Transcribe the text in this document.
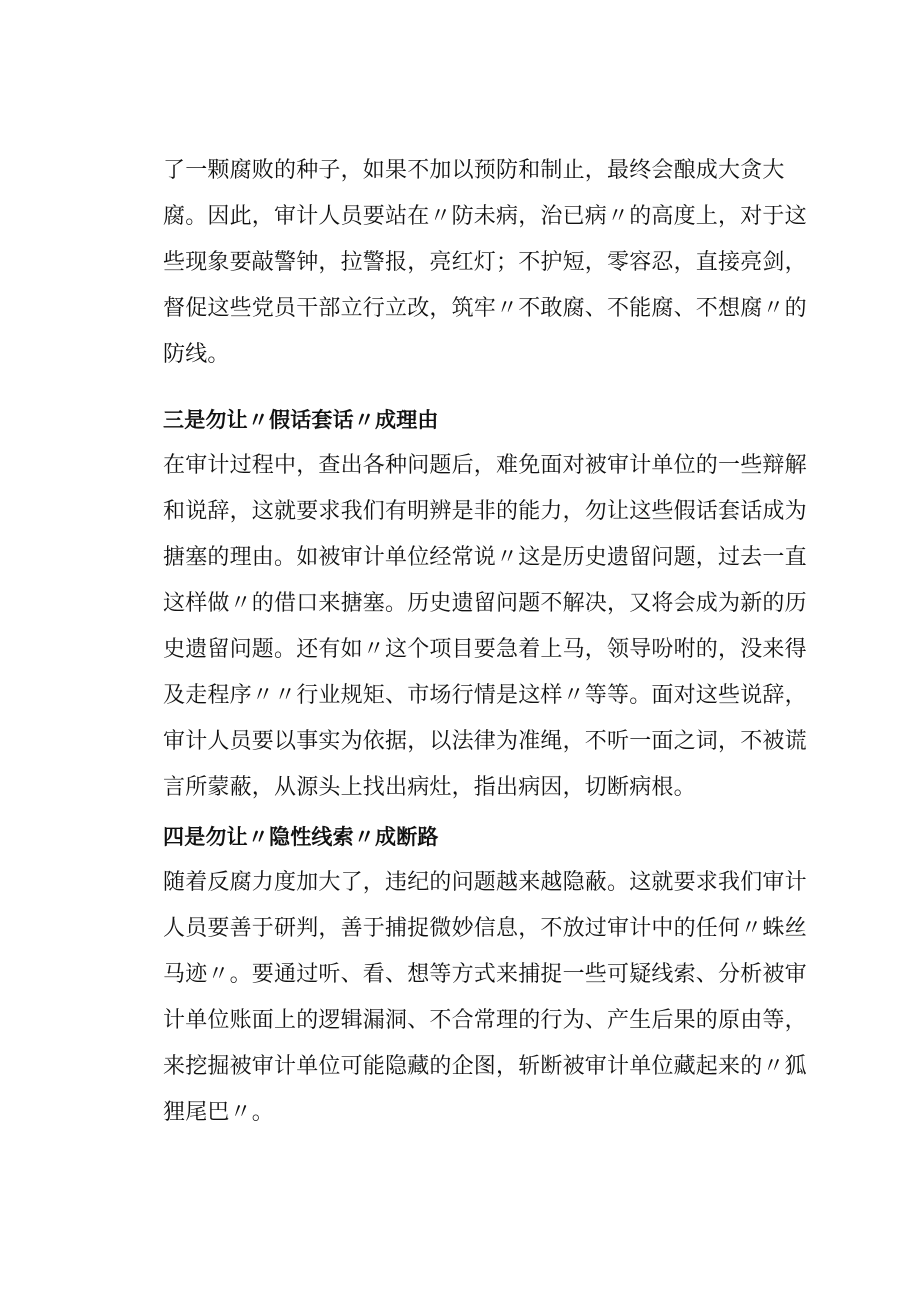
了一颗腐败的种子，如果不加以预防和制止，最终会酿成大贪大
腐。因此，审计人员要站在〃防未病，治已病〃的高度上，对于这
些现象要敲警钟，拉警报，亮红灯；不护短，零容忍，直接亮剑，
督促这些党员干部立行立改，筑牢〃不敢腐、不能腐、不想腐〃的
防线。

三是勿让〃假话套话〃成理由

在审计过程中，查出各种问题后，难免面对被审计单位的一些辩解
和说辞，这就要求我们有明辨是非的能力，勿让这些假话套话成为
搪塞的理由。如被审计单位经常说〃这是历史遗留问题，过去一直
这样做〃的借口来搪塞。历史遗留问题不解决，又将会成为新的历
史遗留问题。还有如〃这个项目要急着上马，领导吩咐的，没来得
及走程序〃〃行业规矩、市场行情是这样〃等等。面对这些说辞，
审计人员要以事实为依据，以法律为准绳，不听一面之词，不被谎
言所蒙蔽，从源头上找出病灶，指出病因，切断病根。

四是勿让〃隐性线索〃成断路

随着反腐力度加大了，违纪的问题越来越隐蔽。这就要求我们审计
人员要善于研判，善于捕捉微妙信息，不放过审计中的任何〃蛛丝
马迹〃。要通过听、看、想等方式来捕捉一些可疑线索、分析被审
计单位账面上的逻辑漏洞、不合常理的行为、产生后果的原由等，
来挖掘被审计单位可能隐藏的企图，斩断被审计单位藏起来的〃狐
狸尾巴〃。
